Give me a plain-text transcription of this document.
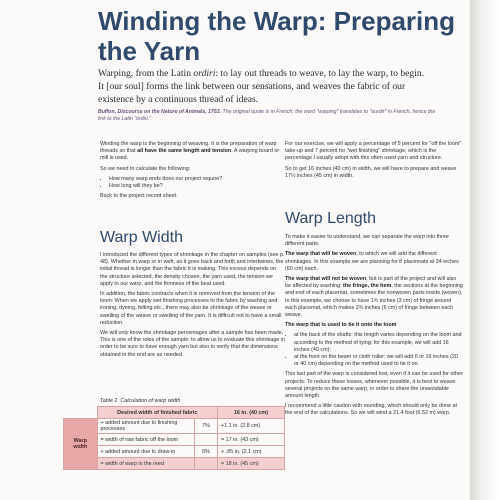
Winding the Warp: Preparing the Yarn
Warping, from the Latin ordiri: to lay out threads to weave, to lay the warp, to begin. It [our soul] forms the link between our sensations, and weaves the fabric of our existence by a continuous thread of ideas.
Buffon, Discourse on the Nature of Animals, 1753. The original quote is in French; the word "warping" translates to "ourdir" in French, hence the link to the Latin "ordiri."

Winding the warp is the beginning of weaving. It is the preparation of warp threads so that all have the same length and tension. A warping board or mill is used.

So we need to calculate the following:

• How many warp ends does our project require?
• How long will they be?

Back to the project record sheet.

Warp Width

I introduced the different types of shrinkage in the chapter on samples (see p. 48). Whether in warp or in weft, as it goes back and forth and intertwines, the initial thread is longer than the fabric it is making. This excess depends on the structure selected, the density chosen, the yarn used, the tension we apply to our warp, and the firmness of the beat used.

In addition, the fabric contracts when it is removed from the tension of the loom: When we apply wet finishing processes to the fabric by washing and ironing, dyeing, felting etc., there may also be shrinkage of the weave or swelling of the weave or swelling of the yarn. It is difficult not to have a small reduction.

We will only know the shrinkage percentages after a sample has been made. This is one of the roles of the sample: to allow us to evaluate this shrinkage in order to be sure to have enough yarn but also to verify that the dimensions obtained in the end are as needed.

Table 2 Calculation of warp width
	Desired width of finished fabric		16 in. (40 cm)
Warp width	+ added amount due to finishing processes	7%	+1.1 in. (2.8 cm)
	= width of raw fabric off the loom		= 17 in. (43 cm)
	+ added amount due to draw-in	5%	+ .85 in. (2.1 cm)
	= width of warp in the reed		= 18 in. (45 cm)

For our exercise, we will apply a percentage of 5 percent for "off the loom" take-up and 7 percent for "wet finishing" shrinkage, which is the percentage I usually adopt with this often used yarn and structure.

So to get 16 inches (40 cm) in width, we will have to prepare and weave 17½ inches (45 cm) in width.

Warp Length

To make it easier to understand, we can separate the warp into three different parts.

The warp that will be woven, to which we will add the different shrinkages. In this example we are planning for 8 placemats at 24 inches (60 cm) each.

The warp that will not be woven, but is part of the project and will also be affected by washing: the fringe, the hem, the sections at the beginning and end of each placemat, sometimes the nonwoven parts inside (woven). In this example, we choose to have 1¾ inches (3 cm) of fringe around each placemat, which makes 2¾ inches (6 cm) of fringe between each weave.

The warp that is used to tie it onto the loom

• at the back of the shafts: this length varies depending on the loom and according to the method of tying; for this example, we will add 16 inches (40 cm);
• at the front on the beam or cloth roller: we will add 6 or 16 inches (20 or 40 cm) depending on the method used to tie it on.

This last part of the warp is considered lost, even if it can be used for other projects. To reduce these losses, whenever possible, it is best to weave several projects on the same warp, in order to share the unavoidable amount length.

I recommend a little caution with rounding, which should only be done at the end of the calculations. So we will wind a 21.4 foot (6.52 m) warp.
